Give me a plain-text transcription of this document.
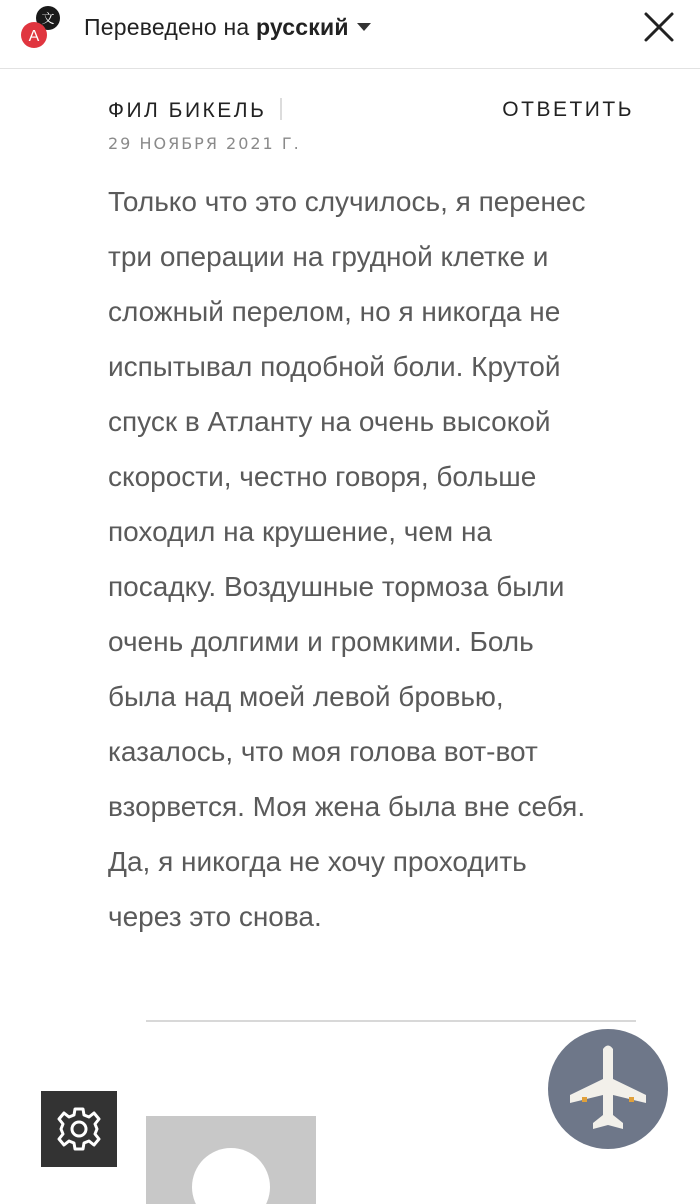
文
A Переведено на русский
ФИЛ БИКЕЛЬ	ОТВЕТИТЬ
29 НОЯБРЯ 2021 Г.
Только что это случилось, я перенес
три операции на грудной клетке и
сложный перелом, но я никогда не
испытывал подобной боли. Крутой
спуск в Атланту на очень высокой
скорости, честно говоря, больше
походил на крушение, чем на
посадку. Воздушные тормоза были
очень долгими и громкими. Боль
была над моей левой бровью,
казалось, что моя голова вот-вот
взорвется. Моя жена была вне себя.
Да, я никогда не хочу проходить
через это снова.
